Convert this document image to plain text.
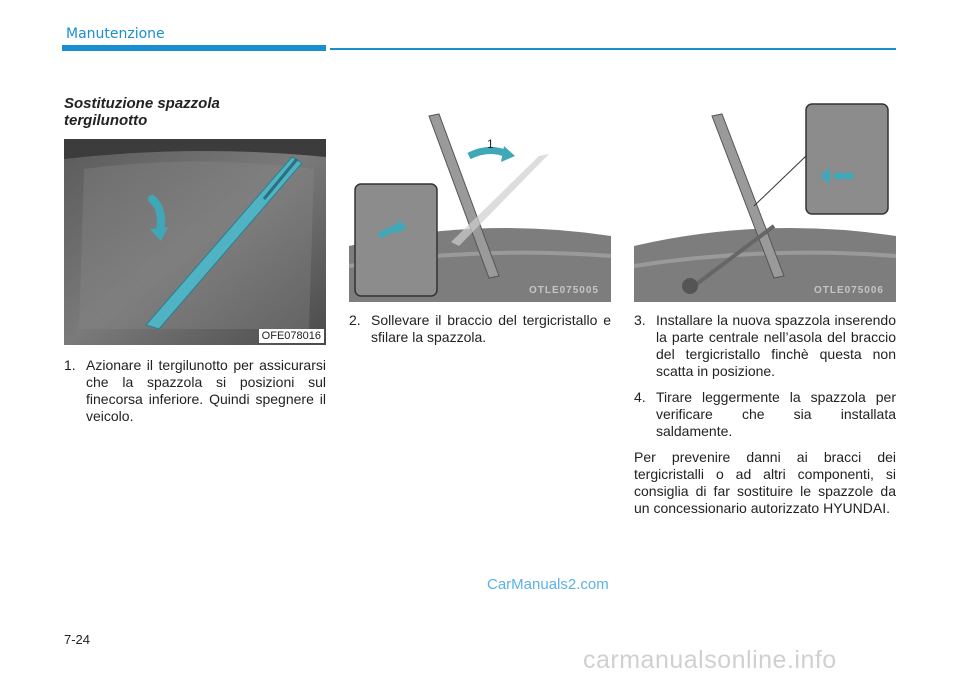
Manutenzione
Sostituzione spazzola tergilunotto
OFE078016
1
OTLE075005	OTLE075006
1. Azionare il tergilunotto per assicurarsi che la spazzola si posizioni sul finecorsa inferiore. Quindi spegnere il veicolo.
2. Sollevare il braccio del tergicristallo e sfilare la spazzola.
3. Installare la nuova spazzola inserendo la parte centrale nell’asola del braccio del tergicristallo finchè questa non scatta in posizione.
4. Tirare leggermente la spazzola per verificare che sia installata saldamente.

Per prevenire danni ai bracci dei tergicristalli o ad altri componenti, si consiglia di far sostituire le spazzole da un concessionario autorizzato HYUNDAI.

CarManuals2.com
7-24
carmanualsonline.info
